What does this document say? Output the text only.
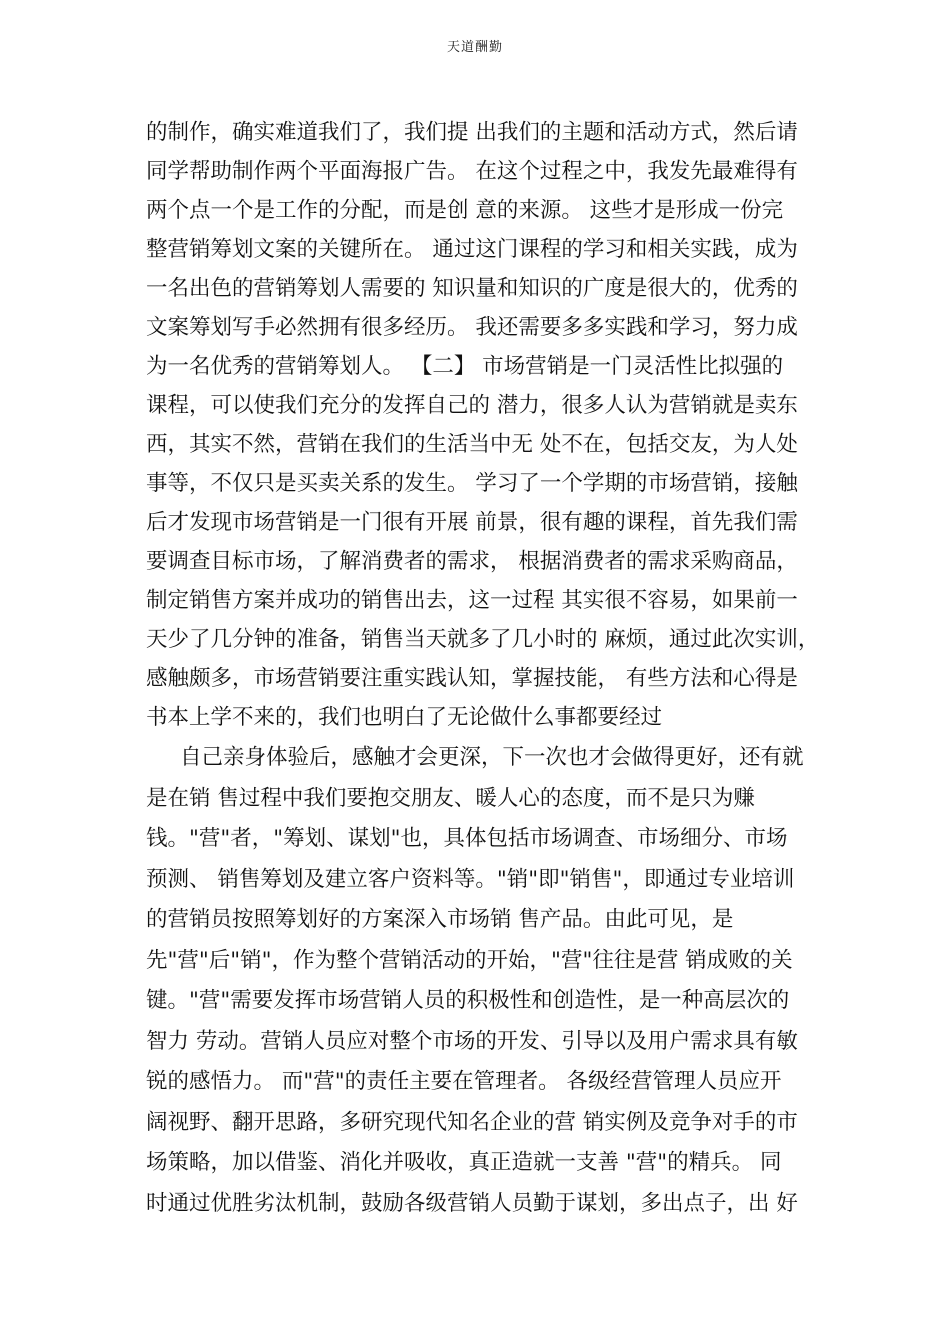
天道酬勤
的制作，确实难道我们了，我们提 出我们的主题和活动方式，然后请
同学帮助制作两个平面海报广告。 在这个过程之中，我发先最难得有
两个点一个是工作的分配，而是创 意的来源。 这些才是形成一份完
整营销筹划文案的关键所在。 通过这门课程的学习和相关实践，成为
一名出色的营销筹划人需要的 知识量和知识的广度是很大的，优秀的
文案筹划写手必然拥有很多经历。 我还需要多多实践和学习，努力成
为一名优秀的营销筹划人。 【二】 市场营销是一门灵活性比拟强的
课程，可以使我们充分的发挥自己的 潜力，很多人认为营销就是卖东
西，其实不然，营销在我们的生活当中无 处不在，包括交友，为人处
事等，不仅只是买卖关系的发生。 学习了一个学期的市场营销，接触
后才发现市场营销是一门很有开展 前景，很有趣的课程，首先我们需
要调查目标市场，了解消费者的需求， 根据消费者的需求采购商品，
制定销售方案并成功的销售出去，这一过程 其实很不容易，如果前一
天少了几分钟的准备，销售当天就多了几小时的 麻烦，通过此次实训，
感触颇多，市场营销要注重实践认知，掌握技能， 有些方法和心得是
书本上学不来的，我们也明白了无论做什么事都要经过
自己亲身体验后，感触才会更深，下一次也才会做得更好，还有就
是在销 售过程中我们要抱交朋友、暖人心的态度，而不是只为赚
钱。"营"者，"筹划、谋划"也，具体包括市场调查、市场细分、市场
预测、 销售筹划及建立客户资料等。"销"即"销售"，即通过专业培训
的营销员按照筹划好的方案深入市场销 售产品。由此可见，是
先"营"后"销"，作为整个营销活动的开始，"营"往往是营 销成败的关
键。"营"需要发挥市场营销人员的积极性和创造性，是一种高层次的
智力 劳动。营销人员应对整个市场的开发、引导以及用户需求具有敏
锐的感悟力。 而"营"的责任主要在管理者。 各级经营管理人员应开
阔视野、翻开思路，多研究现代知名企业的营 销实例及竞争对手的市
场策略，加以借鉴、消化并吸收，真正造就一支善 "营"的精兵。 同
时通过优胜劣汰机制，鼓励各级营销人员勤于谋划，多出点子，出 好
